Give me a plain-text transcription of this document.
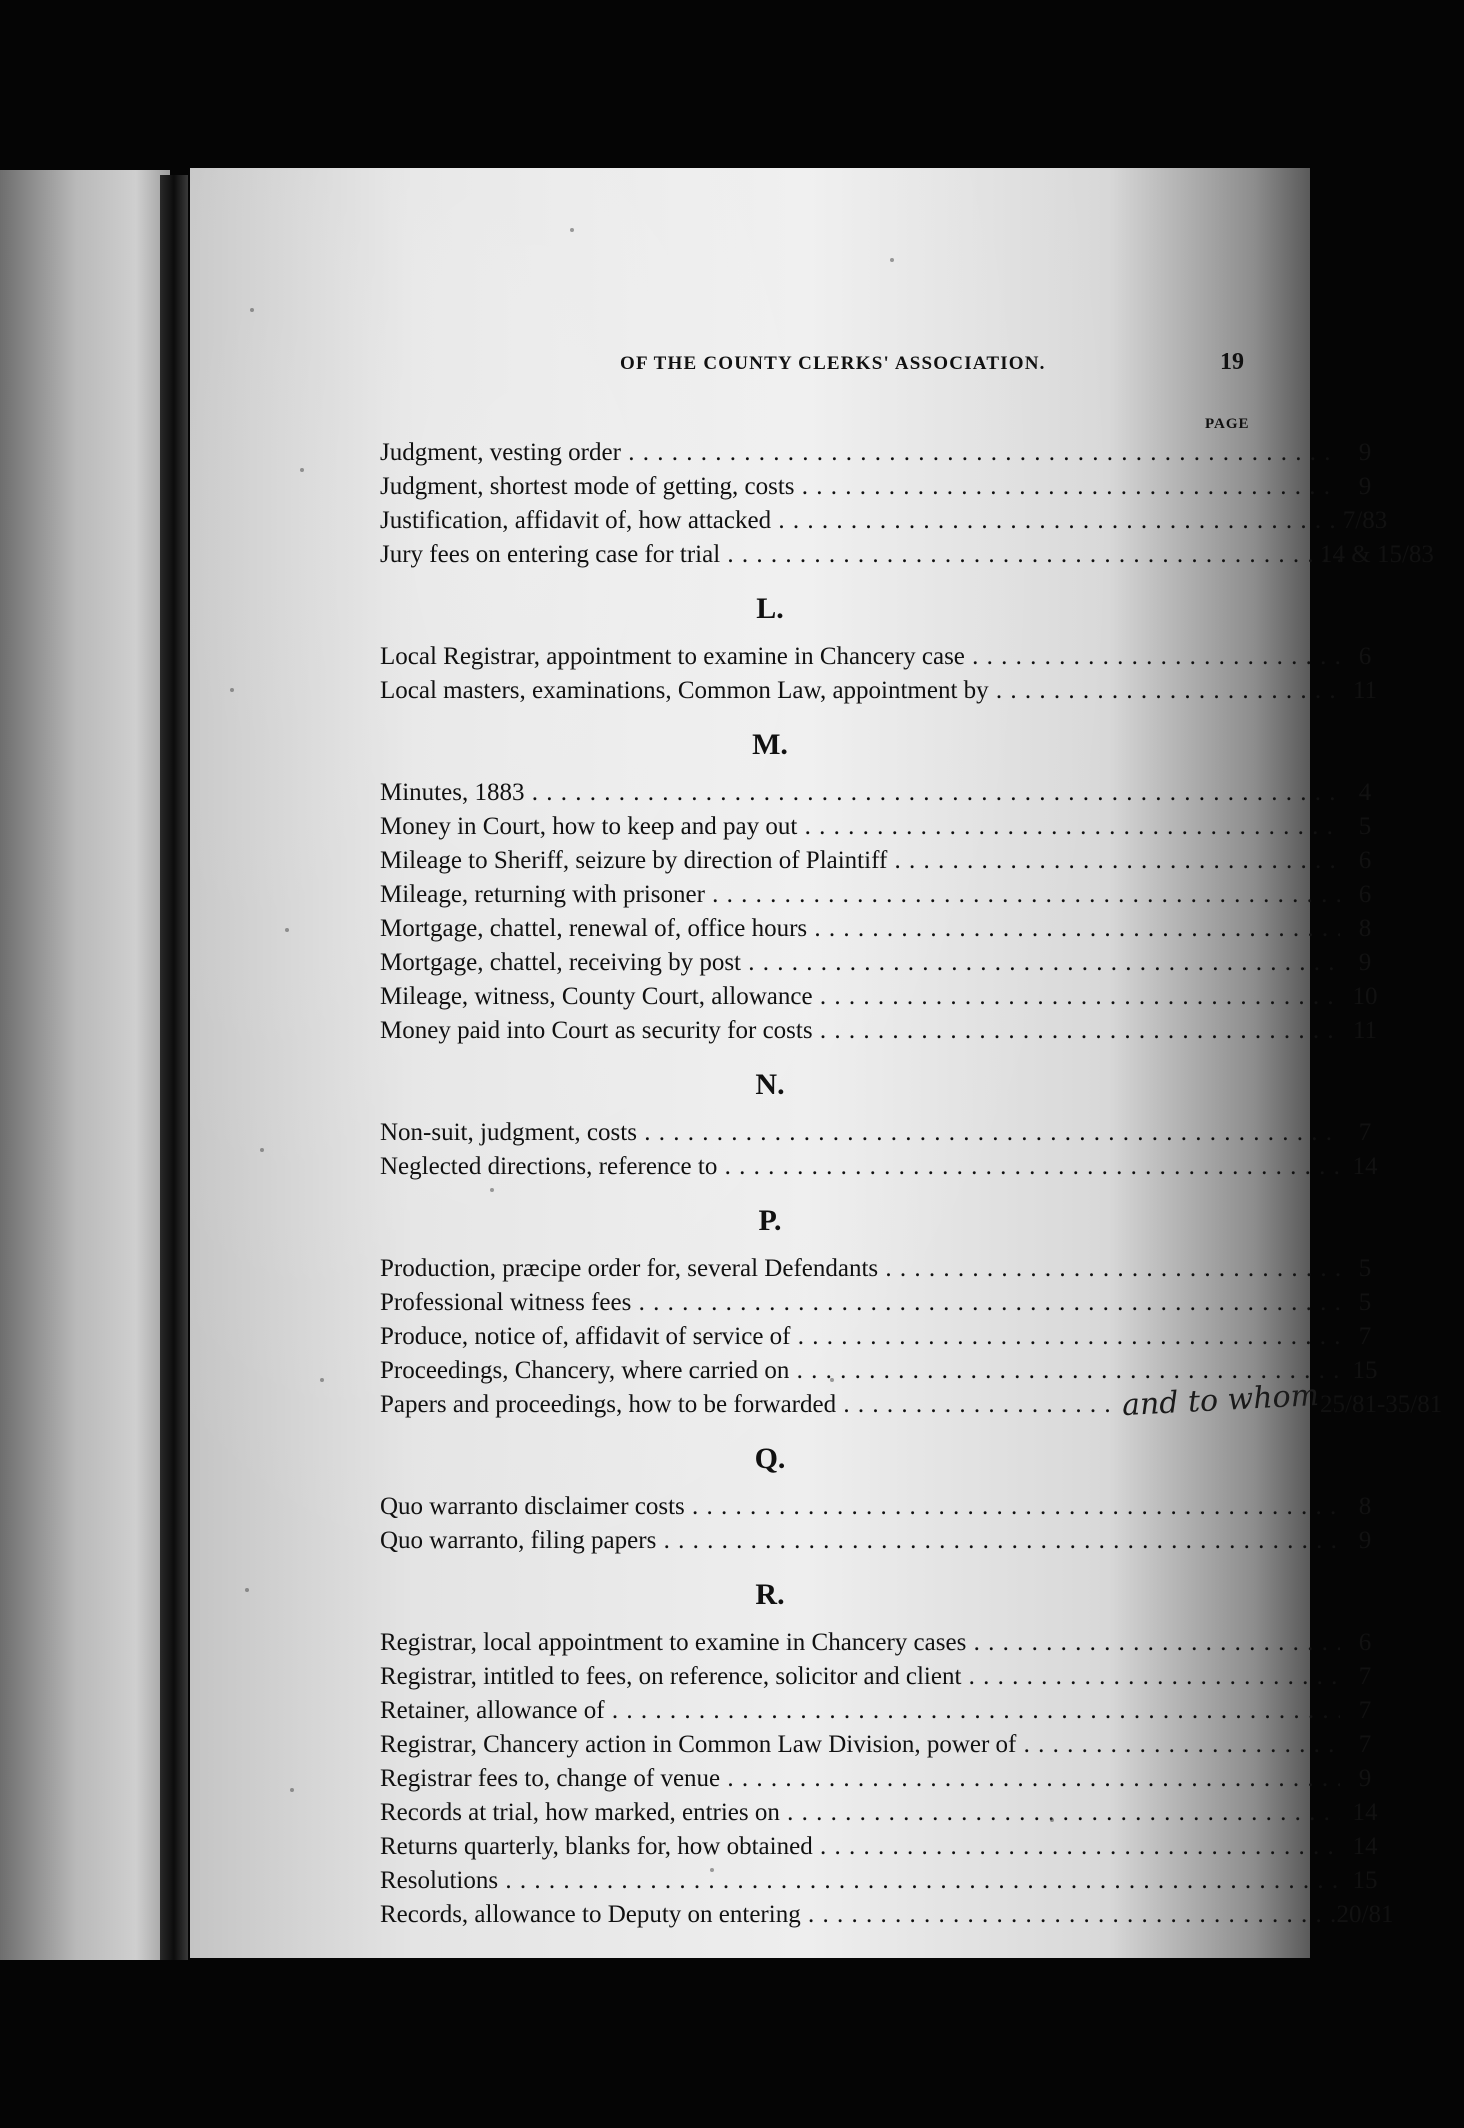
OF THE COUNTY CLERKS' ASSOCIATION.	19
PAGE
Judgment, vesting order . . .	9
Judgment, shortest mode of getting, costs . . .	9
Justification, affidavit of, how attacked . . .	7/83
Jury fees on entering case for trial . . .	14 & 15/83
L.
Local Registrar, appointment to examine in Chancery case . . .	6
Local masters, examinations, Common Law, appointment by . . .	11
M.
Minutes, 1883 . . .	4
Money in Court, how to keep and pay out . . .	5
Mileage to Sheriff, seizure by direction of Plaintiff . . .	6
Mileage, returning with prisoner . . .	6
Mortgage, chattel, renewal of, office hours . . .	8
Mortgage, chattel, receiving by post . . .	9
Mileage, witness, County Court, allowance . . .	10
Money paid into Court as security for costs . . .	11
N.
Non-suit, judgment, costs . . .	7
Neglected directions, reference to . . .	14
P.
Production, præcipe order for, several Defendants . . .	5
Professional witness fees . . .	5
Produce, notice of, affidavit of service of . . .	7
Proceedings, Chancery, where carried on . . .	15
Papers and proceedings, how to be forwarded . . .	and to whom 25/81-35/81
Q.
Quo warranto disclaimer costs . . .	8
Quo warranto, filing papers . . .	9
R.
Registrar, local appointment to examine in Chancery cases . . .	6
Registrar, intitled to fees, on reference, solicitor and client . . .	7
Retainer, allowance of . . .	7
Registrar, Chancery action in Common Law Division, power of . . .	7
Registrar fees to, change of venue . . .	9
Records at trial, how marked, entries on . . .	14
Returns quarterly, blanks for, how obtained . . .	14
Resolutions . . .	15
Records, allowance to Deputy on entering . . .	20/81
